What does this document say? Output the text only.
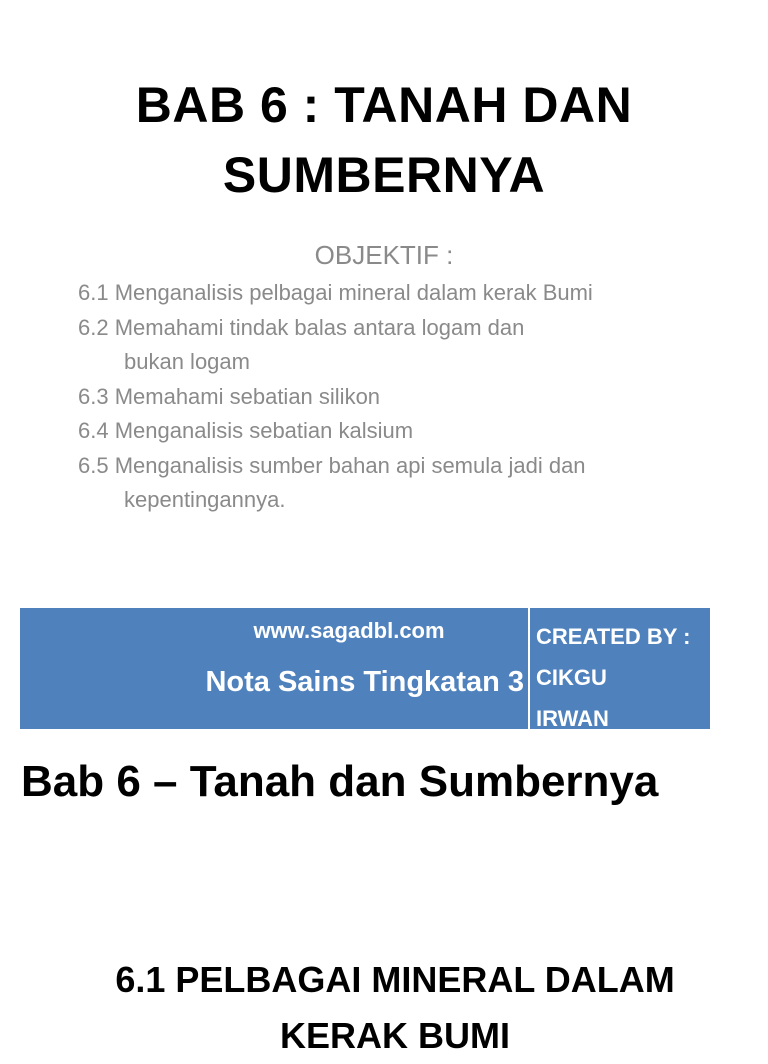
BAB 6 : TANAH DAN
SUMBERNYA
OBJEKTIF :
6.1 Menganalisis pelbagai mineral dalam kerak Bumi
6.2 Memahami tindak balas antara logam dan
bukan logam
6.3 Memahami sebatian silikon
6.4 Menganalisis sebatian kalsium
6.5 Menganalisis sumber bahan api semula jadi dan
kepentingannya.
www.sagadbl.com
Nota Sains Tingkatan 3
CREATED BY :
CIKGU
IRWAN
Bab 6 – Tanah dan Sumbernya
6.1 PELBAGAI MINERAL DALAM
KERAK BUMI
